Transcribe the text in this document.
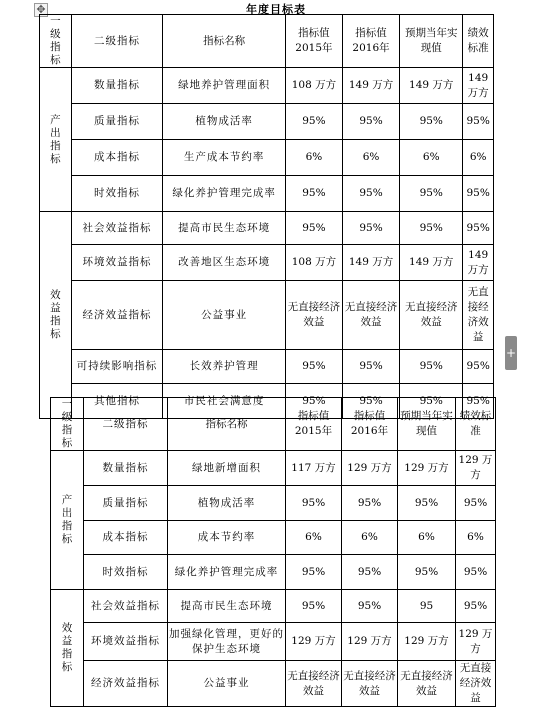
✥	年度目标表
一
级
指
标	二级指标	指标名称	指标值2015年	指标值2016年	预期当年实现值	绩效标准

产
出
指
标	数量指标	绿地养护管理面积	108 万方	149 万方	149 万方	149 万方
	质量指标	植物成活率	95%	95%	95%	95%
	成本指标	生产成本节约率	6%	6%	6%	6%
	时效指标	绿化养护管理完成率	95%	95%	95%	95%

效
益
指
标	社会效益指标	提高市民生态环境	95%	95%	95%	95%
	环境效益指标	改善地区生态环境	108 万方	149 万方	149 万方	149 万方
	经济效益指标	公益事业	无直接经济效益	无直接经济效益	无直接经济效益	无直接经济效益
	可持续影响指标	长效养护管理	95%	95%	95%	95%
	其他指标	市民社会满意度	95%	95%	95%	95%
一
级
指
标	二级指标	指标名称	指标值2015年	指标值2016年	预期当年实现值	绩效标准

产
出
指
标	数量指标	绿地新增面积	117 万方	129 万方	129 万方	129 万方
	质量指标	植物成活率	95%	95%	95%	95%
	成本指标	成本节约率	6%	6%	6%	6%
	时效指标	绿化养护管理完成率	95%	95%	95%	95%

效
益
指
标	社会效益指标	提高市民生态环境	95%	95%	95	95%
	环境效益指标	加强绿化管理，更好的保护生态环境	129 万方	129 万方	129 万方	129 万方
	经济效益指标	公益事业	无直接经济效益	无直接经济效益	无直接经济效益	无直接经济效益
+
